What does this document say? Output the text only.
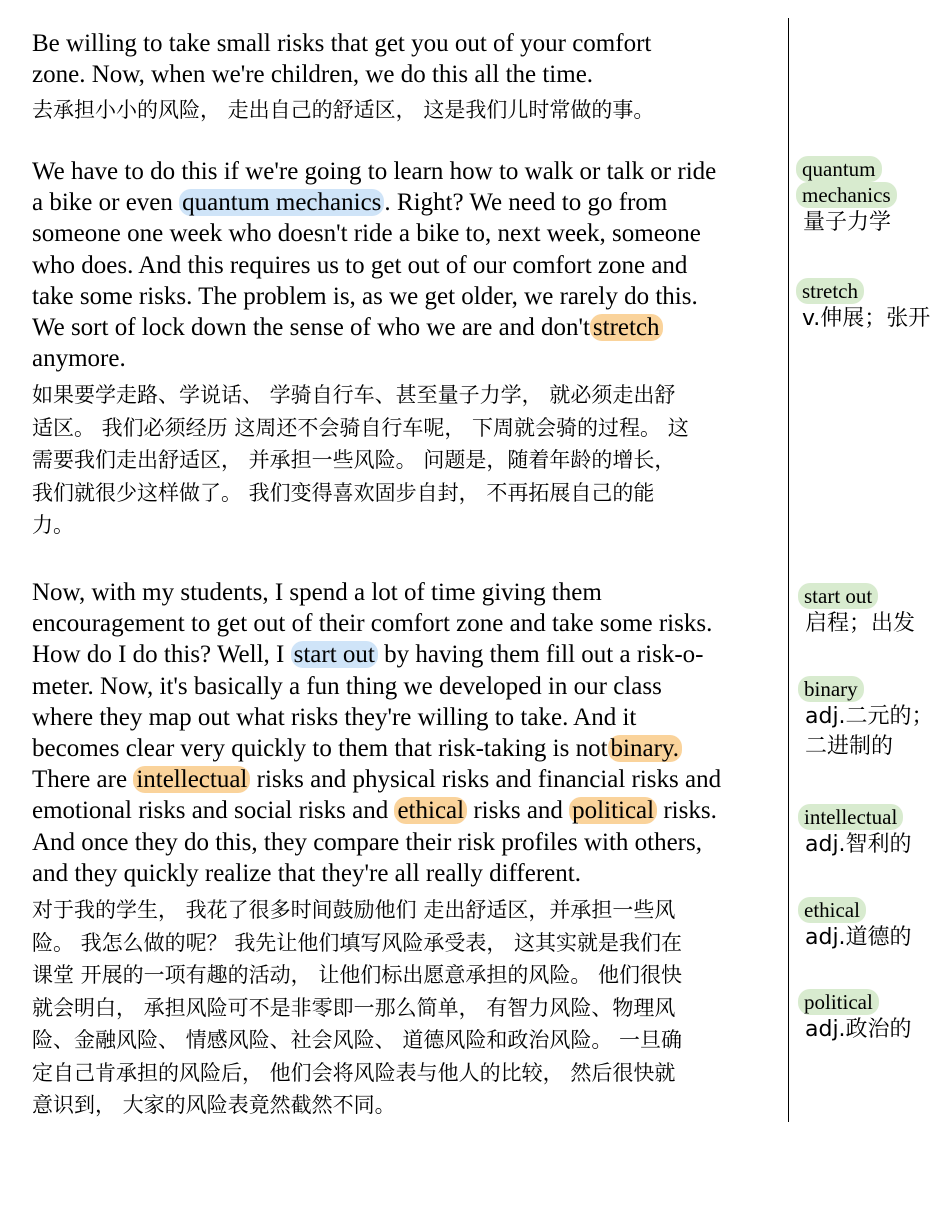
Be willing to take small risks that get you out of your comfort
zone. Now, when we're children, we do this all the time.
去承担小小的风险， 走出自己的舒适区， 这是我们儿时常做的事。
We have to do this if we're going to learn how to walk or talk or ride
a bike or even quantum mechanics . Right? We need to go from
someone one week who doesn't ride a bike to, next week, someone
who does. And this requires us to get out of our comfort zone and
take some risks. The problem is, as we get older, we rarely do this.
We sort of lock down the sense of who we are and don't stretch
anymore.
如果要学走路、学说话、 学骑自行车、甚至量子力学， 就必须走出舒
适区。 我们必须经历 这周还不会骑自行车呢， 下周就会骑的过程。 这
需要我们走出舒适区， 并承担一些风险。 问题是，随着年龄的增长，
我们就很少这样做了。 我们变得喜欢固步自封， 不再拓展自己的能
力。
Now, with my students, I spend a lot of time giving them
encouragement to get out of their comfort zone and take some risks.
How do I do this? Well, I start out by having them fill out a risk-o-
meter. Now, it's basically a fun thing we developed in our class
where they map out what risks they're willing to take. And it
becomes clear very quickly to them that risk-taking is not binary.
There are intellectual risks and physical risks and financial risks and
emotional risks and social risks and ethical risks and political risks.
And once they do this, they compare their risk profiles with others,
and they quickly realize that they're all really different.
对于我的学生， 我花了很多时间鼓励他们 走出舒适区，并承担一些风
险。 我怎么做的呢？ 我先让他们填写风险承受表， 这其实就是我们在
课堂 开展的一项有趣的活动， 让他们标出愿意承担的风险。 他们很快
就会明白， 承担风险可不是非零即一那么简单， 有智力风险、物理风
险、金融风险、 情感风险、社会风险、 道德风险和政治风险。 一旦确
定自己肯承担的风险后， 他们会将风险表与他人的比较， 然后很快就
意识到， 大家的风险表竟然截然不同。
quantum
mechanics
量子力学
stretch
v.伸展；张开
start out
启程；出发
binary
adj.二元的；
二进制的
intellectual
adj.智利的
ethical
adj.道德的
political
adj.政治的
